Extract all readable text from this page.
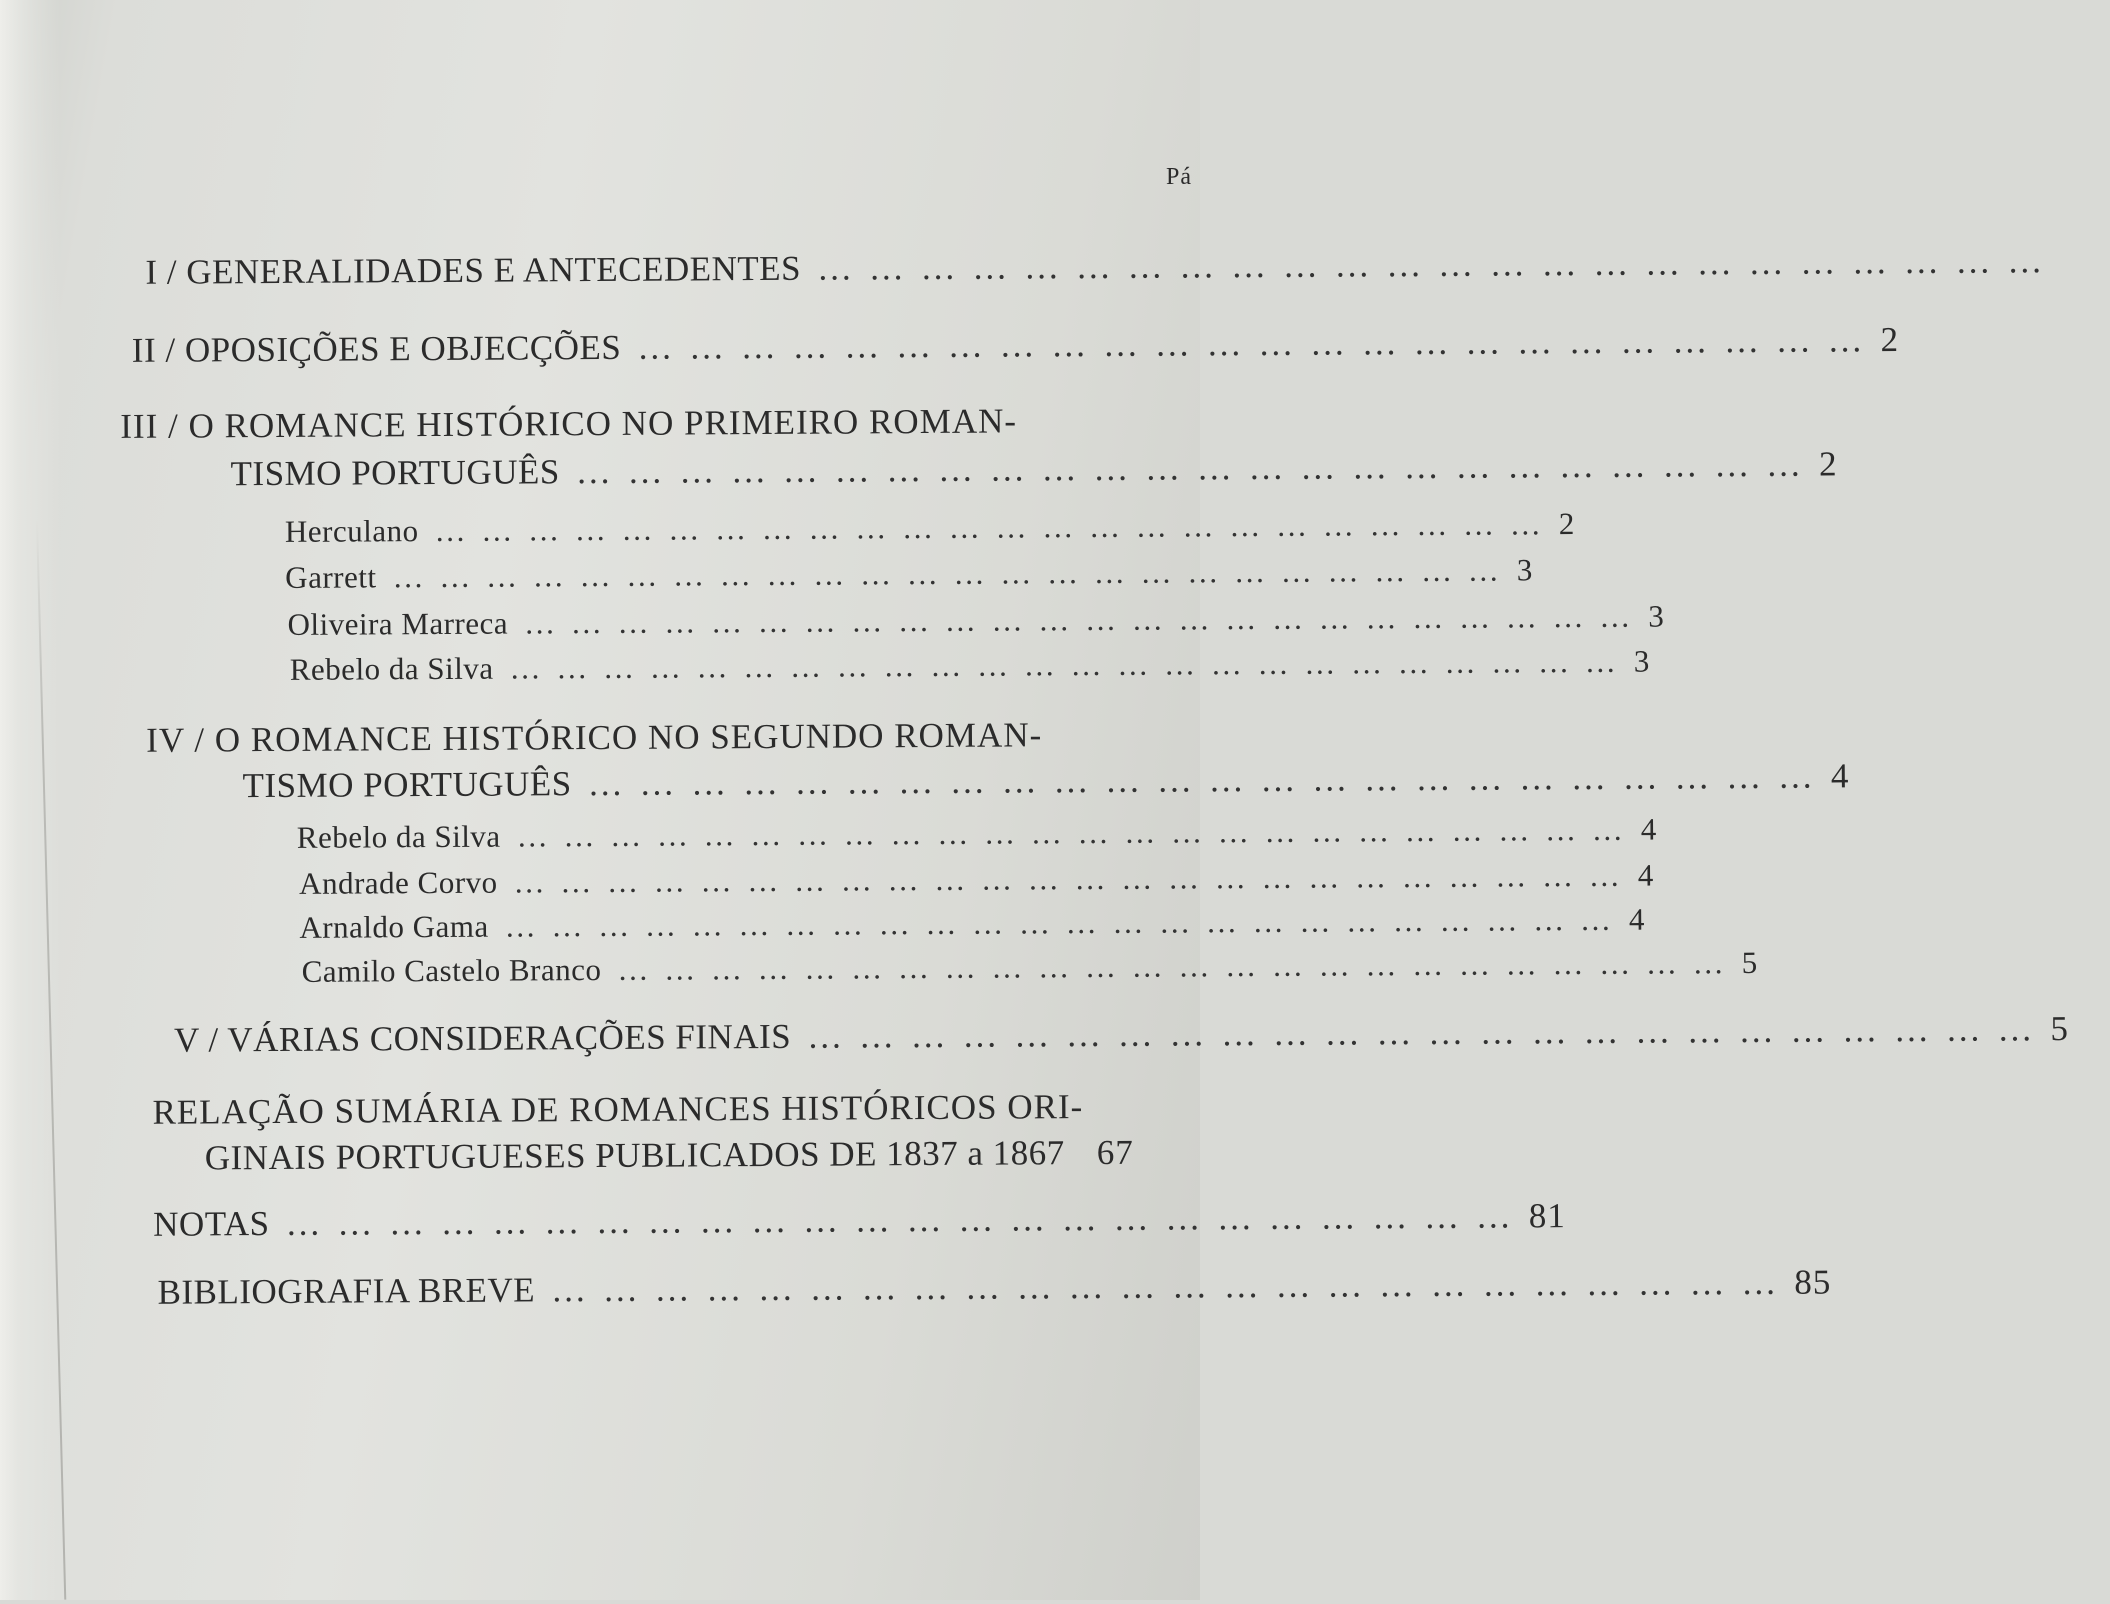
Pá
I / GENERALIDADES E ANTECEDENTES … … … … … … … … … … … … … … … … … … … … … … … …
II / OPOSIÇÕES E OBJECÇÕES … … … … … … … … … … … … … … … … … … … … … … … … 2
III / O ROMANCE HISTÓRICO NO PRIMEIRO ROMAN-
TISMO PORTUGUÊS … … … … … … … … … … … … … … … … … … … … … … … … 2
Herculano … … … … … … … … … … … … … … … … … … … … … … … … 2
Garrett … … … … … … … … … … … … … … … … … … … … … … … … 3
Oliveira Marreca … … … … … … … … … … … … … … … … … … … … … … … … 3
Rebelo da Silva … … … … … … … … … … … … … … … … … … … … … … … … 3
IV / O ROMANCE HISTÓRICO NO SEGUNDO ROMAN-
TISMO PORTUGUÊS … … … … … … … … … … … … … … … … … … … … … … … … 4
Rebelo da Silva … … … … … … … … … … … … … … … … … … … … … … … … 4
Andrade Corvo … … … … … … … … … … … … … … … … … … … … … … … … 4
Arnaldo Gama … … … … … … … … … … … … … … … … … … … … … … … … 4
Camilo Castelo Branco … … … … … … … … … … … … … … … … … … … … … … … … 5
V / VÁRIAS CONSIDERAÇÕES FINAIS … … … … … … … … … … … … … … … … … … … … … … … … 5
RELAÇÃO SUMÁRIA DE ROMANCES HISTÓRICOS ORI-
GINAIS PORTUGUESES PUBLICADOS DE 1837 a 1867 67
NOTAS … … … … … … … … … … … … … … … … … … … … … … … … 81
BIBLIOGRAFIA BREVE … … … … … … … … … … … … … … … … … … … … … … … … 85
